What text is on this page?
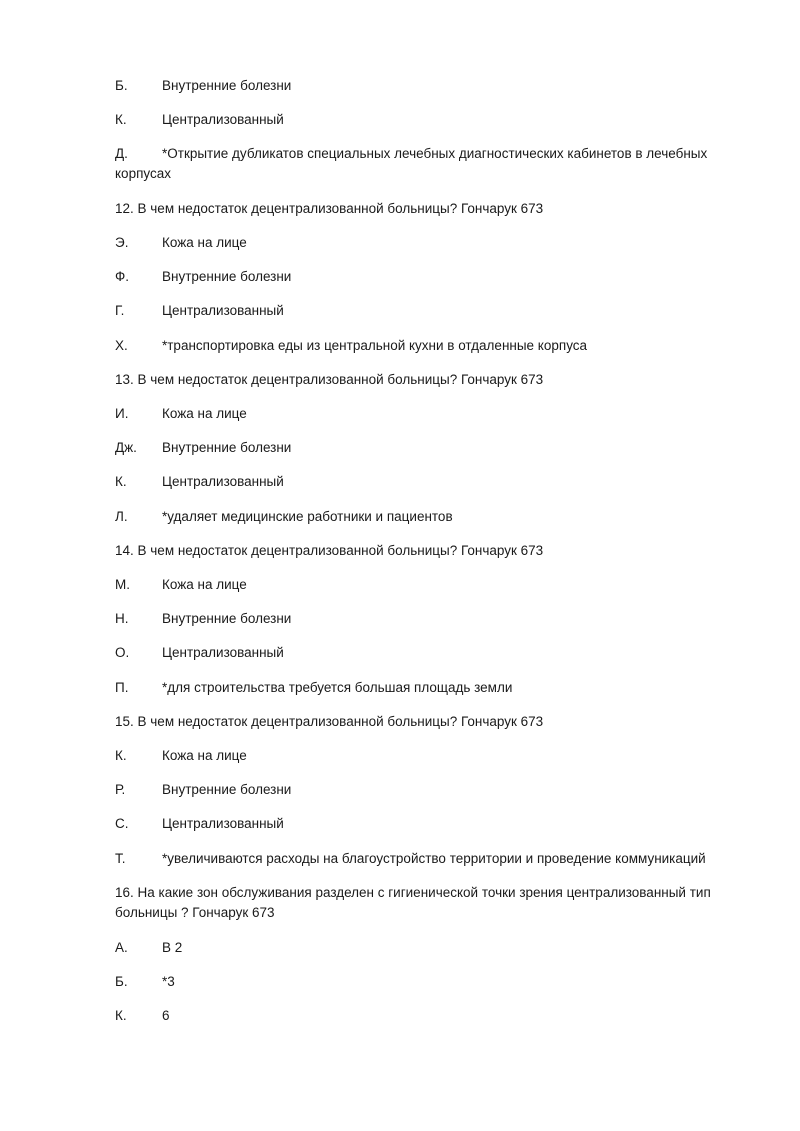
Б.	Внутренние болезни
К.	Централизованный
Д.	*Открытие дубликатов специальных лечебных диагностических кабинетов в лечебных
корпусах
12. В чем недостаток децентрализованной больницы? Гончарук 673
Э. Кожа на лице
Ф. Внутренние болезни
Г.	Централизованный
Х.	*транспортировка еды из центральной кухни в отдаленные корпуса
13. В чем недостаток децентрализованной больницы? Гончарук 673
И. Кожа на лице
Дж. Внутренние болезни
К.	Централизованный
Л.	*удаляет медицинские работники и пациентов
14. В чем недостаток децентрализованной больницы? Гончарук 673
М. Кожа на лице
Н. Внутренние болезни
О. Централизованный
П. *для строительства требуется большая площадь земли
15. В чем недостаток децентрализованной больницы? Гончарук 673
К.	Кожа на лице
Р.	Внутренние болезни
С. Централизованный
Т.	*увеличиваются расходы на благоустройство территории и проведение коммуникаций
16. На какие зон обслуживания разделен с гигиенической точки зрения централизованный тип
больницы ? Гончарук 673
А.	В 2
Б.	*3
К.	6
